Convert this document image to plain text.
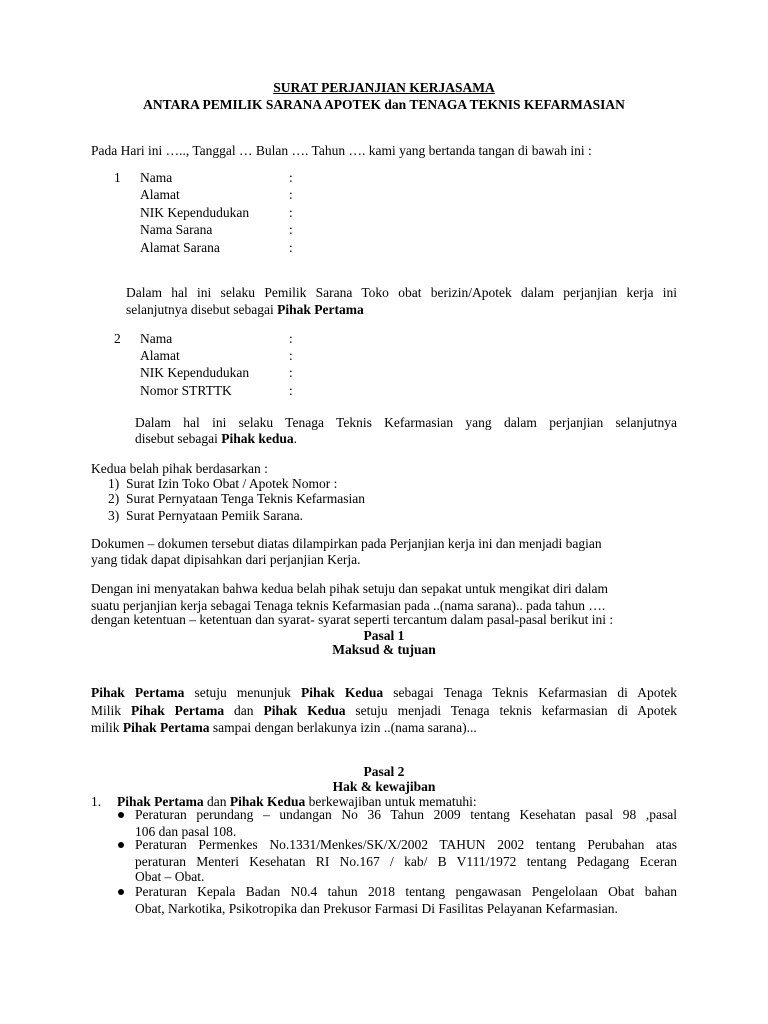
SURAT PERJANJIAN KERJASAMA
ANTARA PEMILIK SARANA APOTEK dan TENAGA TEKNIS KEFARMASIAN
Pada Hari ini ….., Tanggal … Bulan …. Tahun …. kami yang bertanda tangan di bawah ini :
1 Nama
Alamat
NIK Kependudukan
Nama Sarana
Alamat Sarana
:
:
:
:
:
Dalam hal ini selaku Pemilik Sarana Toko obat berizin/Apotek dalam perjanjian kerja ini
selanjutnya disebut sebagai Pihak Pertama
2 Nama
Alamat
NIK Kependudukan
Nomor STRTTK
:
:
:
:
Dalam hal ini selaku Tenaga Teknis Kefarmasian yang dalam perjanjian selanjutnya
disebut sebagai Pihak kedua.
Kedua belah pihak berdasarkan :
1) Surat Izin Toko Obat / Apotek Nomor :
2) Surat Pernyataan Tenga Teknis Kefarmasian
3) Surat Pernyataan Pemiik Sarana.
Dokumen – dokumen tersebut diatas dilampirkan pada Perjanjian kerja ini dan menjadi bagian
yang tidak dapat dipisahkan dari perjanjian Kerja.
Dengan ini menyatakan bahwa kedua belah pihak setuju dan sepakat untuk mengikat diri dalam
suatu perjanjian kerja sebagai Tenaga teknis Kefarmasian pada ..(nama sarana).. pada tahun ….
dengan ketentuan – ketentuan dan syarat- syarat seperti tercantum dalam pasal-pasal berikut ini :
Pasal 1
Maksud & tujuan
Pihak Pertama setuju menunjuk Pihak Kedua sebagai Tenaga Teknis Kefarmasian di Apotek
Milik Pihak Pertama dan Pihak Kedua setuju menjadi Tenaga teknis kefarmasian di Apotek
milik Pihak Pertama sampai dengan berlakunya izin ..(nama sarana)...
Pasal 2
Hak & kewajiban
1. Pihak Pertama dan Pihak Kedua berkewajiban untuk mematuhi:
Peraturan perundang – undangan No 36 Tahun 2009 tentang Kesehatan pasal 98 ,pasal
106 dan pasal 108.
Peraturan Permenkes No.1331/Menkes/SK/X/2002 TAHUN 2002 tentang Perubahan atas
peraturan Menteri Kesehatan RI No.167 / kab/ B V111/1972 tentang Pedagang Eceran
Obat – Obat.
Peraturan Kepala Badan N0.4 tahun 2018 tentang pengawasan Pengelolaan Obat bahan
Obat, Narkotika, Psikotropika dan Prekusor Farmasi Di Fasilitas Pelayanan Kefarmasian.
